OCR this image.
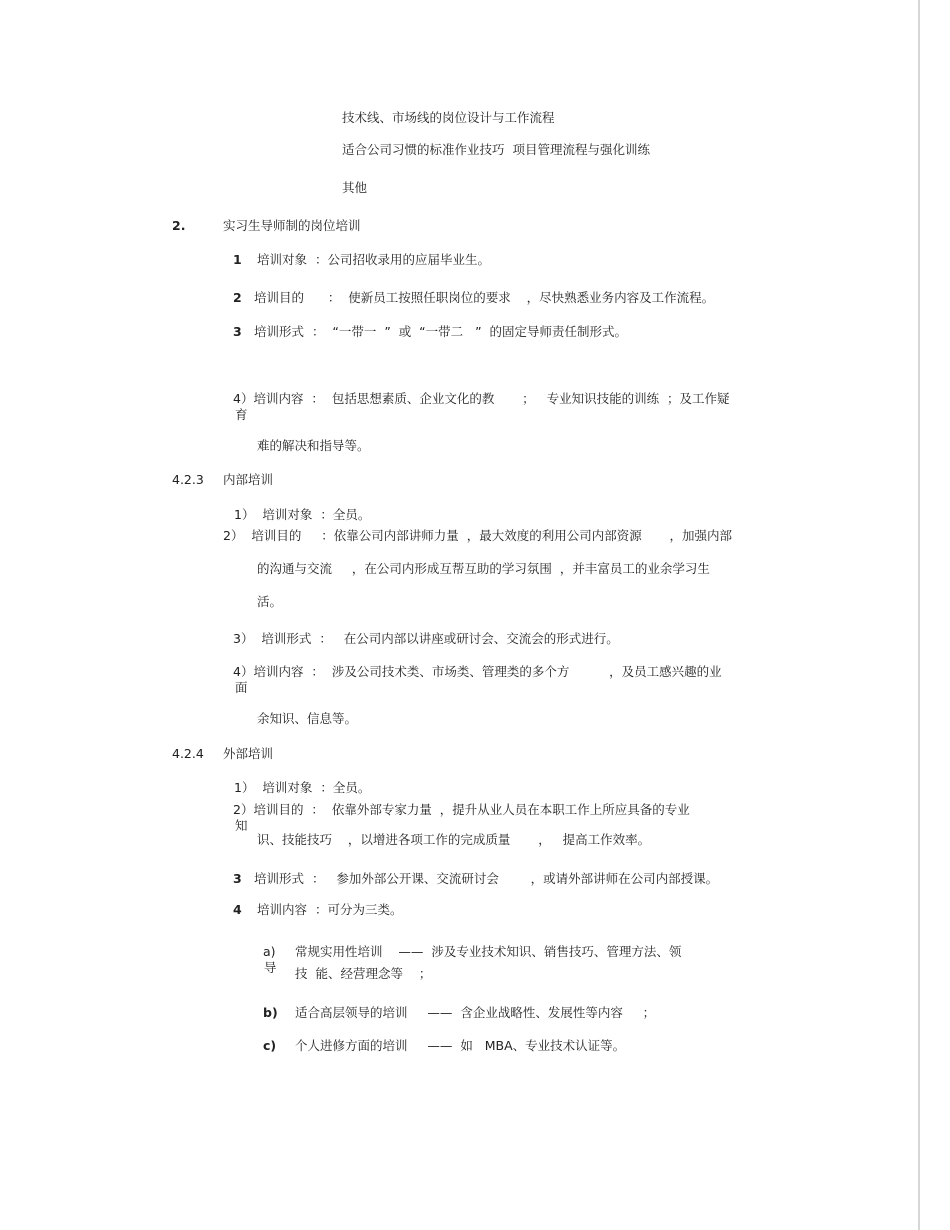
技术线、市场线的岗位设计与工作流程
适合公司习惯的标准作业技巧  项目管理流程与强化训练
其他
2.	实习生导师制的岗位培训
1 培训对象  ：公司招收录用的应届毕业生。
2 培训目的      ：  使新员工按照任职岗位的要求    ，尽快熟悉业务内容及工作流程。
3 培训形式  ：  “一带一  ”  或  “一带二   ”  的固定导师责任制形式。
4）培训内容  ：  包括思想素质、企业文化的教       ；   专业知识技能的训练  ；及工作疑
育
难的解决和指导等。
4.2.3 内部培训
1）  培训对象  ：全员。
2）  培训目的     ：依靠公司内部讲师力量  ，最大效度的利用公司内部资源       ，加强内部
的沟通与交流     ，在公司内形成互帮互助的学习氛围  ，并丰富员工的业余学习生
活。
3）  培训形式  ：   在公司内部以讲座或研讨会、交流会的形式进行。
4）培训内容  ：  涉及公司技术类、市场类、管理类的多个方          ，及员工感兴趣的业
面
余知识、信息等。
4.2.4 外部培训
1）  培训对象  ：全员。
2）培训目的  ：  依靠外部专家力量  ，提升从业人员在本职工作上所应具备的专业
知
识、技能技巧    ，以增进各项工作的完成质量       ，   提高工作效率。
3 培训形式  ：   参加外部公开课、交流研讨会        ，或请外部讲师在公司内部授课。
4 培训内容  ：可分为三类。
a)
导
常规实用性培训    ——  涉及专业技术知识、销售技巧、管理方法、领
技  能、经营理念等    ；
b) 适合高层领导的培训     ——  含企业战略性、发展性等内容     ；
c) 个人进修方面的培训     ——  如   MBA、专业技术认证等。
